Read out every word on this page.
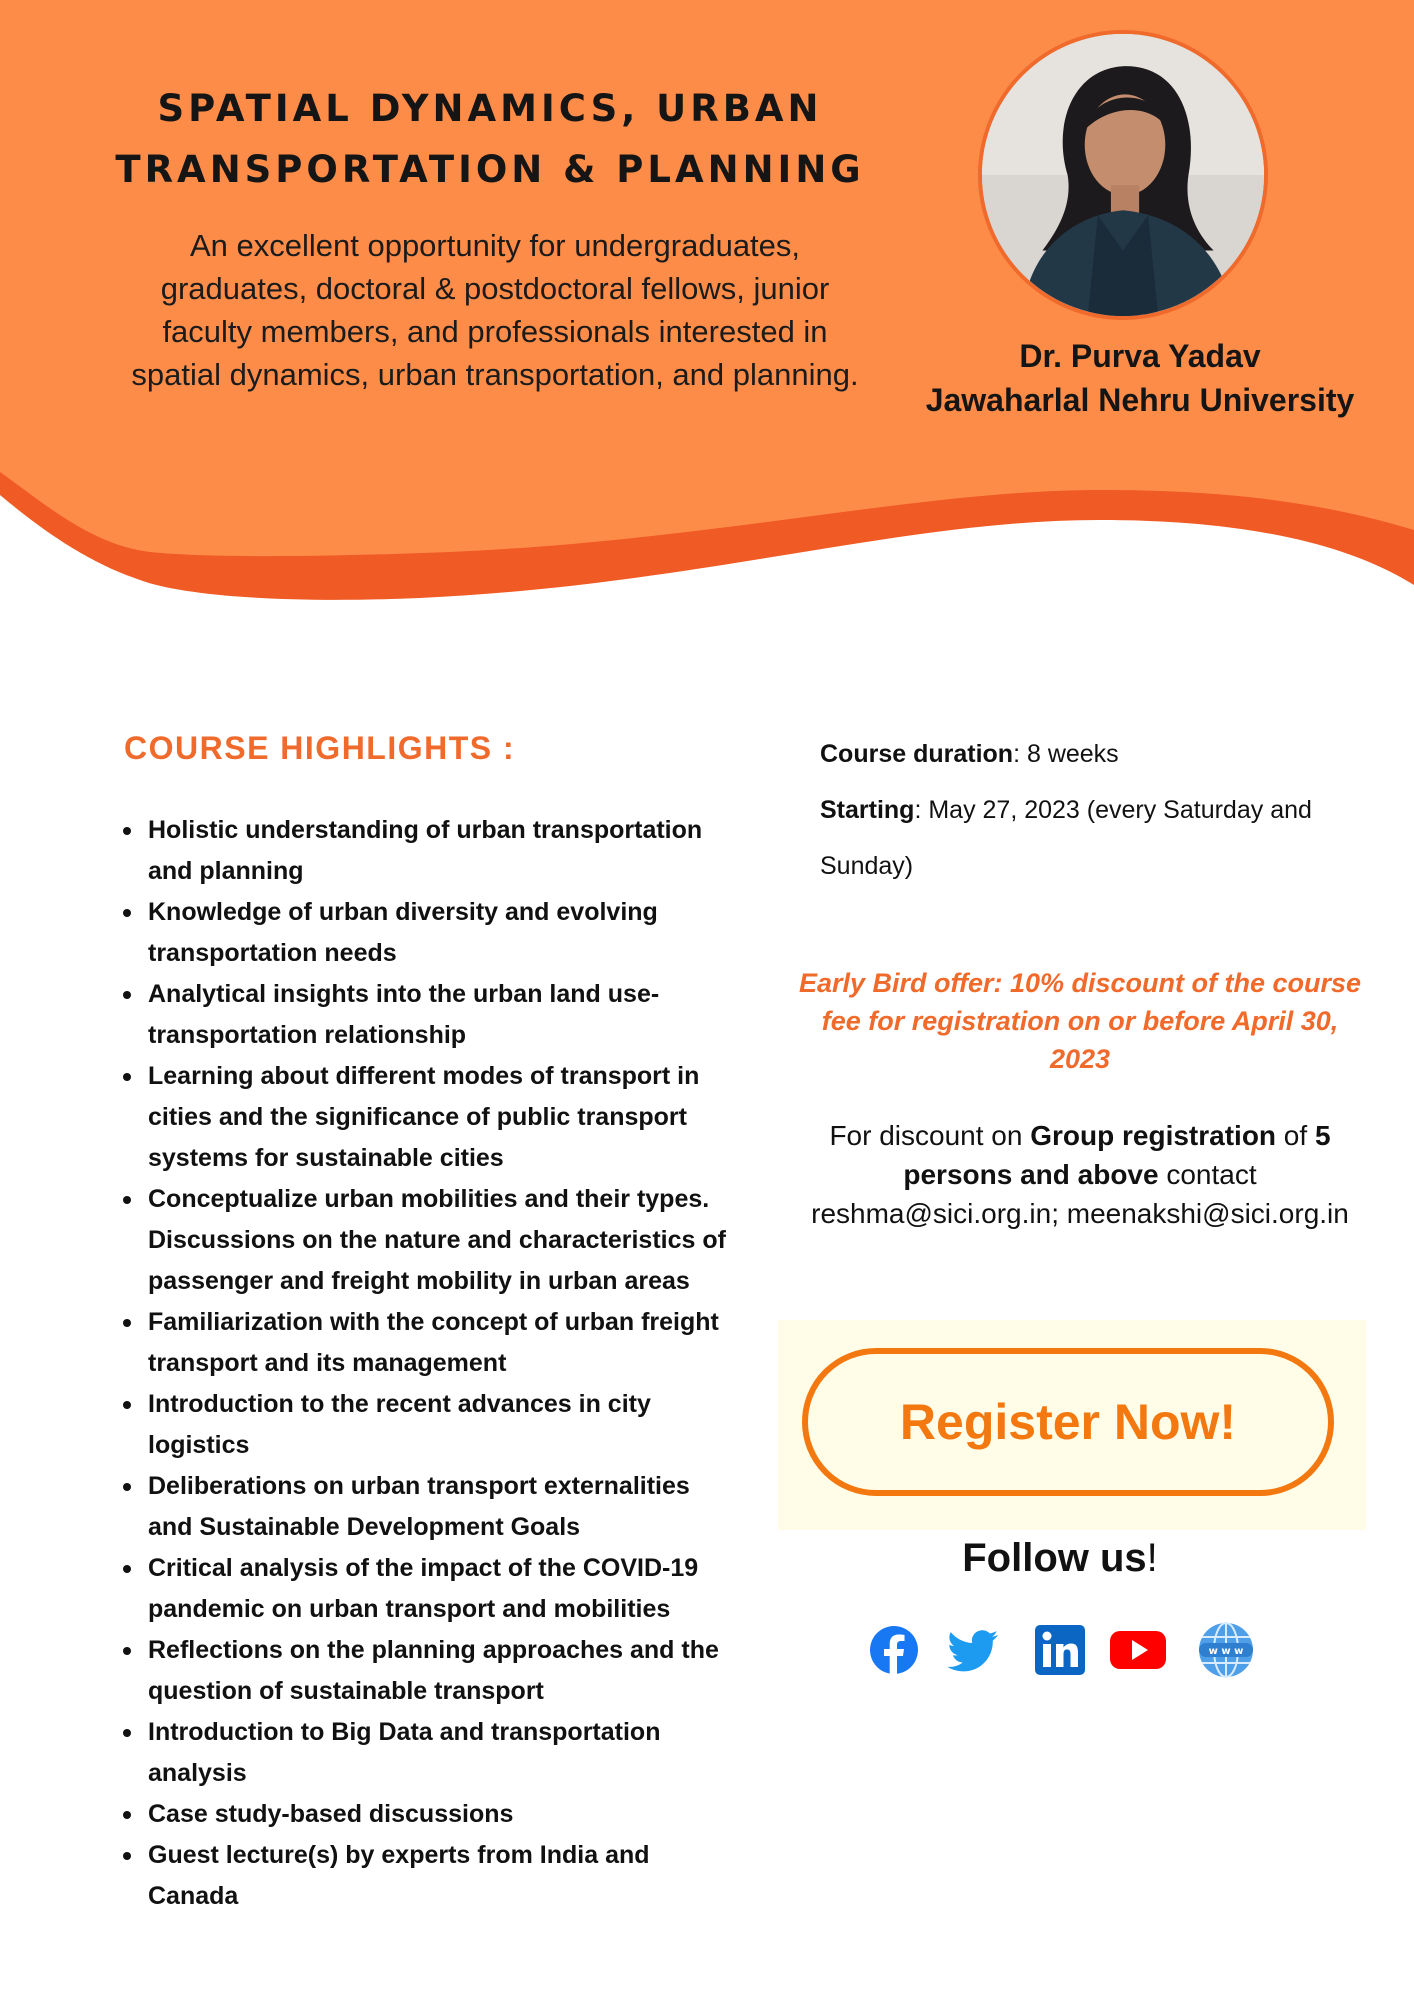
SPATIAL DYNAMICS, URBAN
TRANSPORTATION & PLANNING
An excellent opportunity for undergraduates,
graduates, doctoral & postdoctoral fellows, junior
faculty members, and professionals interested in
spatial dynamics, urban transportation, and planning.
Dr. Purva Yadav
Jawaharlal Nehru University
COURSE HIGHLIGHTS :
Holistic understanding of urban transportation
and planning
Knowledge of urban diversity and evolving
transportation needs
Analytical insights into the urban land use-
transportation relationship
Learning about different modes of transport in
cities and the significance of public transport
systems for sustainable cities
Conceptualize urban mobilities and their types.
Discussions on the nature and characteristics of
passenger and freight mobility in urban areas
Familiarization with the concept of urban freight
transport and its management
Introduction to the recent advances in city
logistics
Deliberations on urban transport externalities
and Sustainable Development Goals
Critical analysis of the impact of the COVID-19
pandemic on urban transport and mobilities
Reflections on the planning approaches and the
question of sustainable transport
Introduction to Big Data and transportation
analysis
Case study-based discussions
Guest lecture(s) by experts from India and
Canada

Course duration: 8 weeks

Starting: May 27, 2023 (every Saturday and

Sunday)

Early Bird offer: 10% discount of the course
fee for registration on or before April 30,
2023
For discount on Group registration of 5
persons and above contact
reshma@sici.org.in; meenakshi@sici.org.in
Register Now!
Follow us!
w w w
